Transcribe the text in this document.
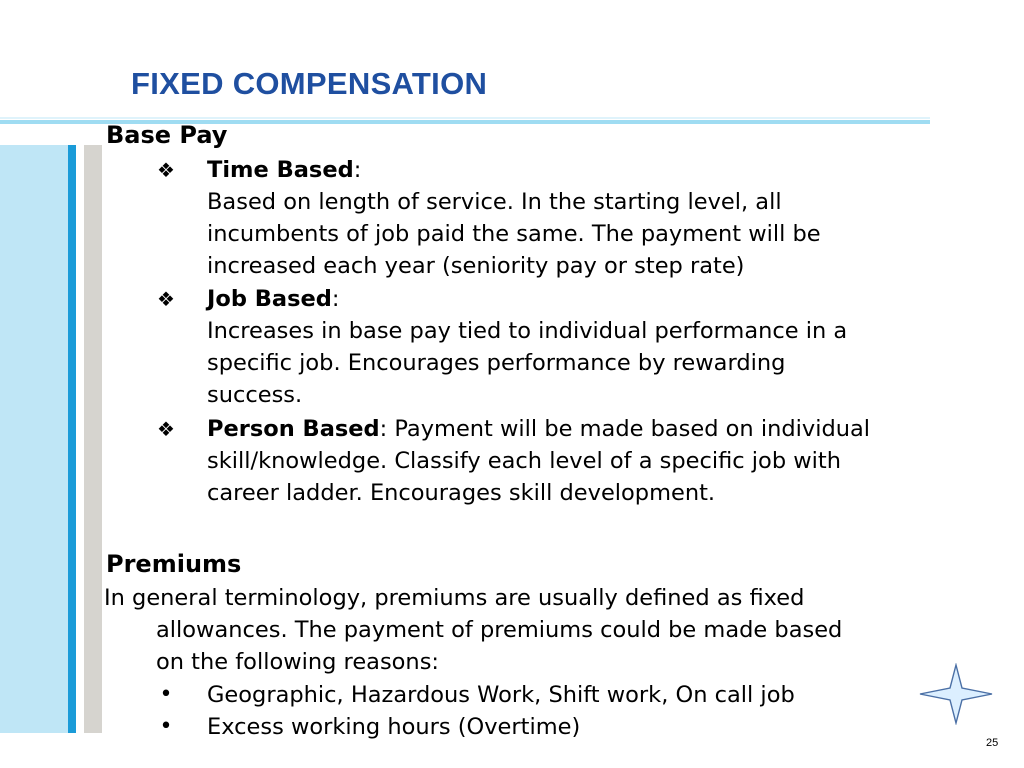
FIXED COMPENSATION
Base Pay
❖ Time Based:
Based on length of service. In the starting level, all
incumbents of job paid the same. The payment will be
increased each year (seniority pay or step rate)
❖ Job Based:
Increases in base pay tied to individual performance in a
specific job. Encourages performance by rewarding
success.
❖ Person Based: Payment will be made based on individual
skill/knowledge. Classify each level of a specific job with
career ladder. Encourages skill development.
Premiums
In general terminology, premiums are usually defined as fixed
allowances. The payment of premiums could be made based
on the following reasons:
• Geographic, Hazardous Work, Shift work, On call job
• Excess working hours (Overtime)
25
